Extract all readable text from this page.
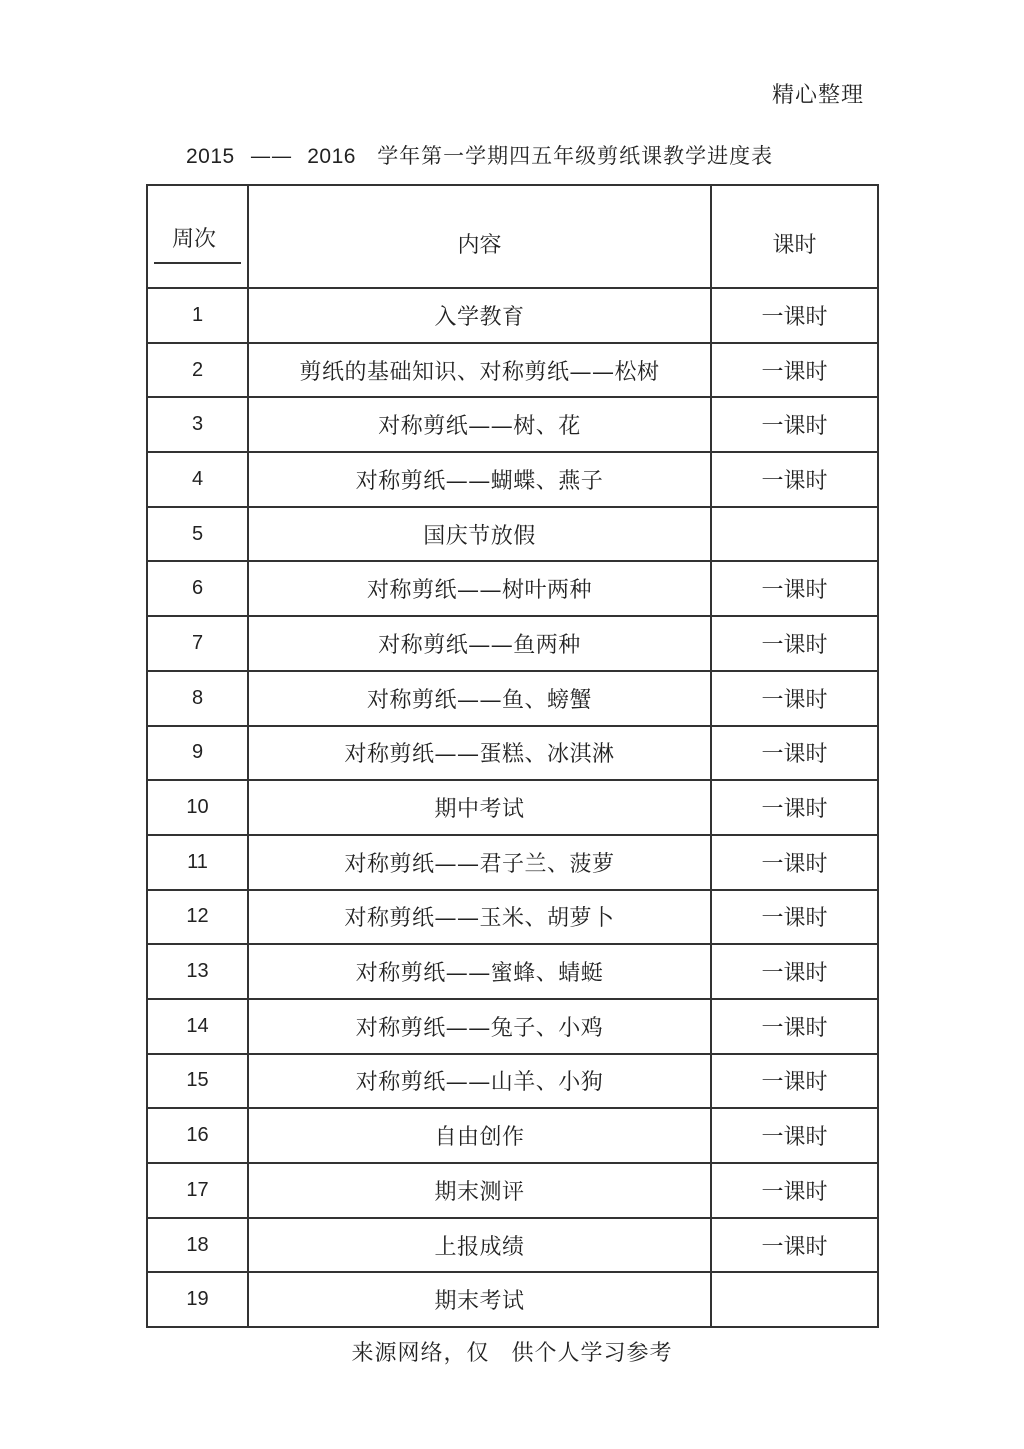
精心整理
2015 —— 2016 学年第一学期四五年级剪纸课教学进度表
周次	内容	课时

1	入学教育	一课时
2	剪纸的基础知识、对称剪纸——松树	一课时
3	对称剪纸——树、花	一课时
4	对称剪纸——蝴蝶、燕子	一课时
5	国庆节放假	
6	对称剪纸——树叶两种	一课时
7	对称剪纸——鱼两种	一课时
8	对称剪纸——鱼、螃蟹	一课时
9	对称剪纸——蛋糕、冰淇淋	一课时
10	期中考试	一课时
11	对称剪纸——君子兰、菠萝	一课时
12	对称剪纸——玉米、胡萝卜	一课时
13	对称剪纸——蜜蜂、蜻蜓	一课时
14	对称剪纸——兔子、小鸡	一课时
15	对称剪纸——山羊、小狗	一课时
16	自由创作	一课时
17	期末测评	一课时
18	上报成绩	一课时
19	期末考试	
来源网络，仅 供个人学习参考
